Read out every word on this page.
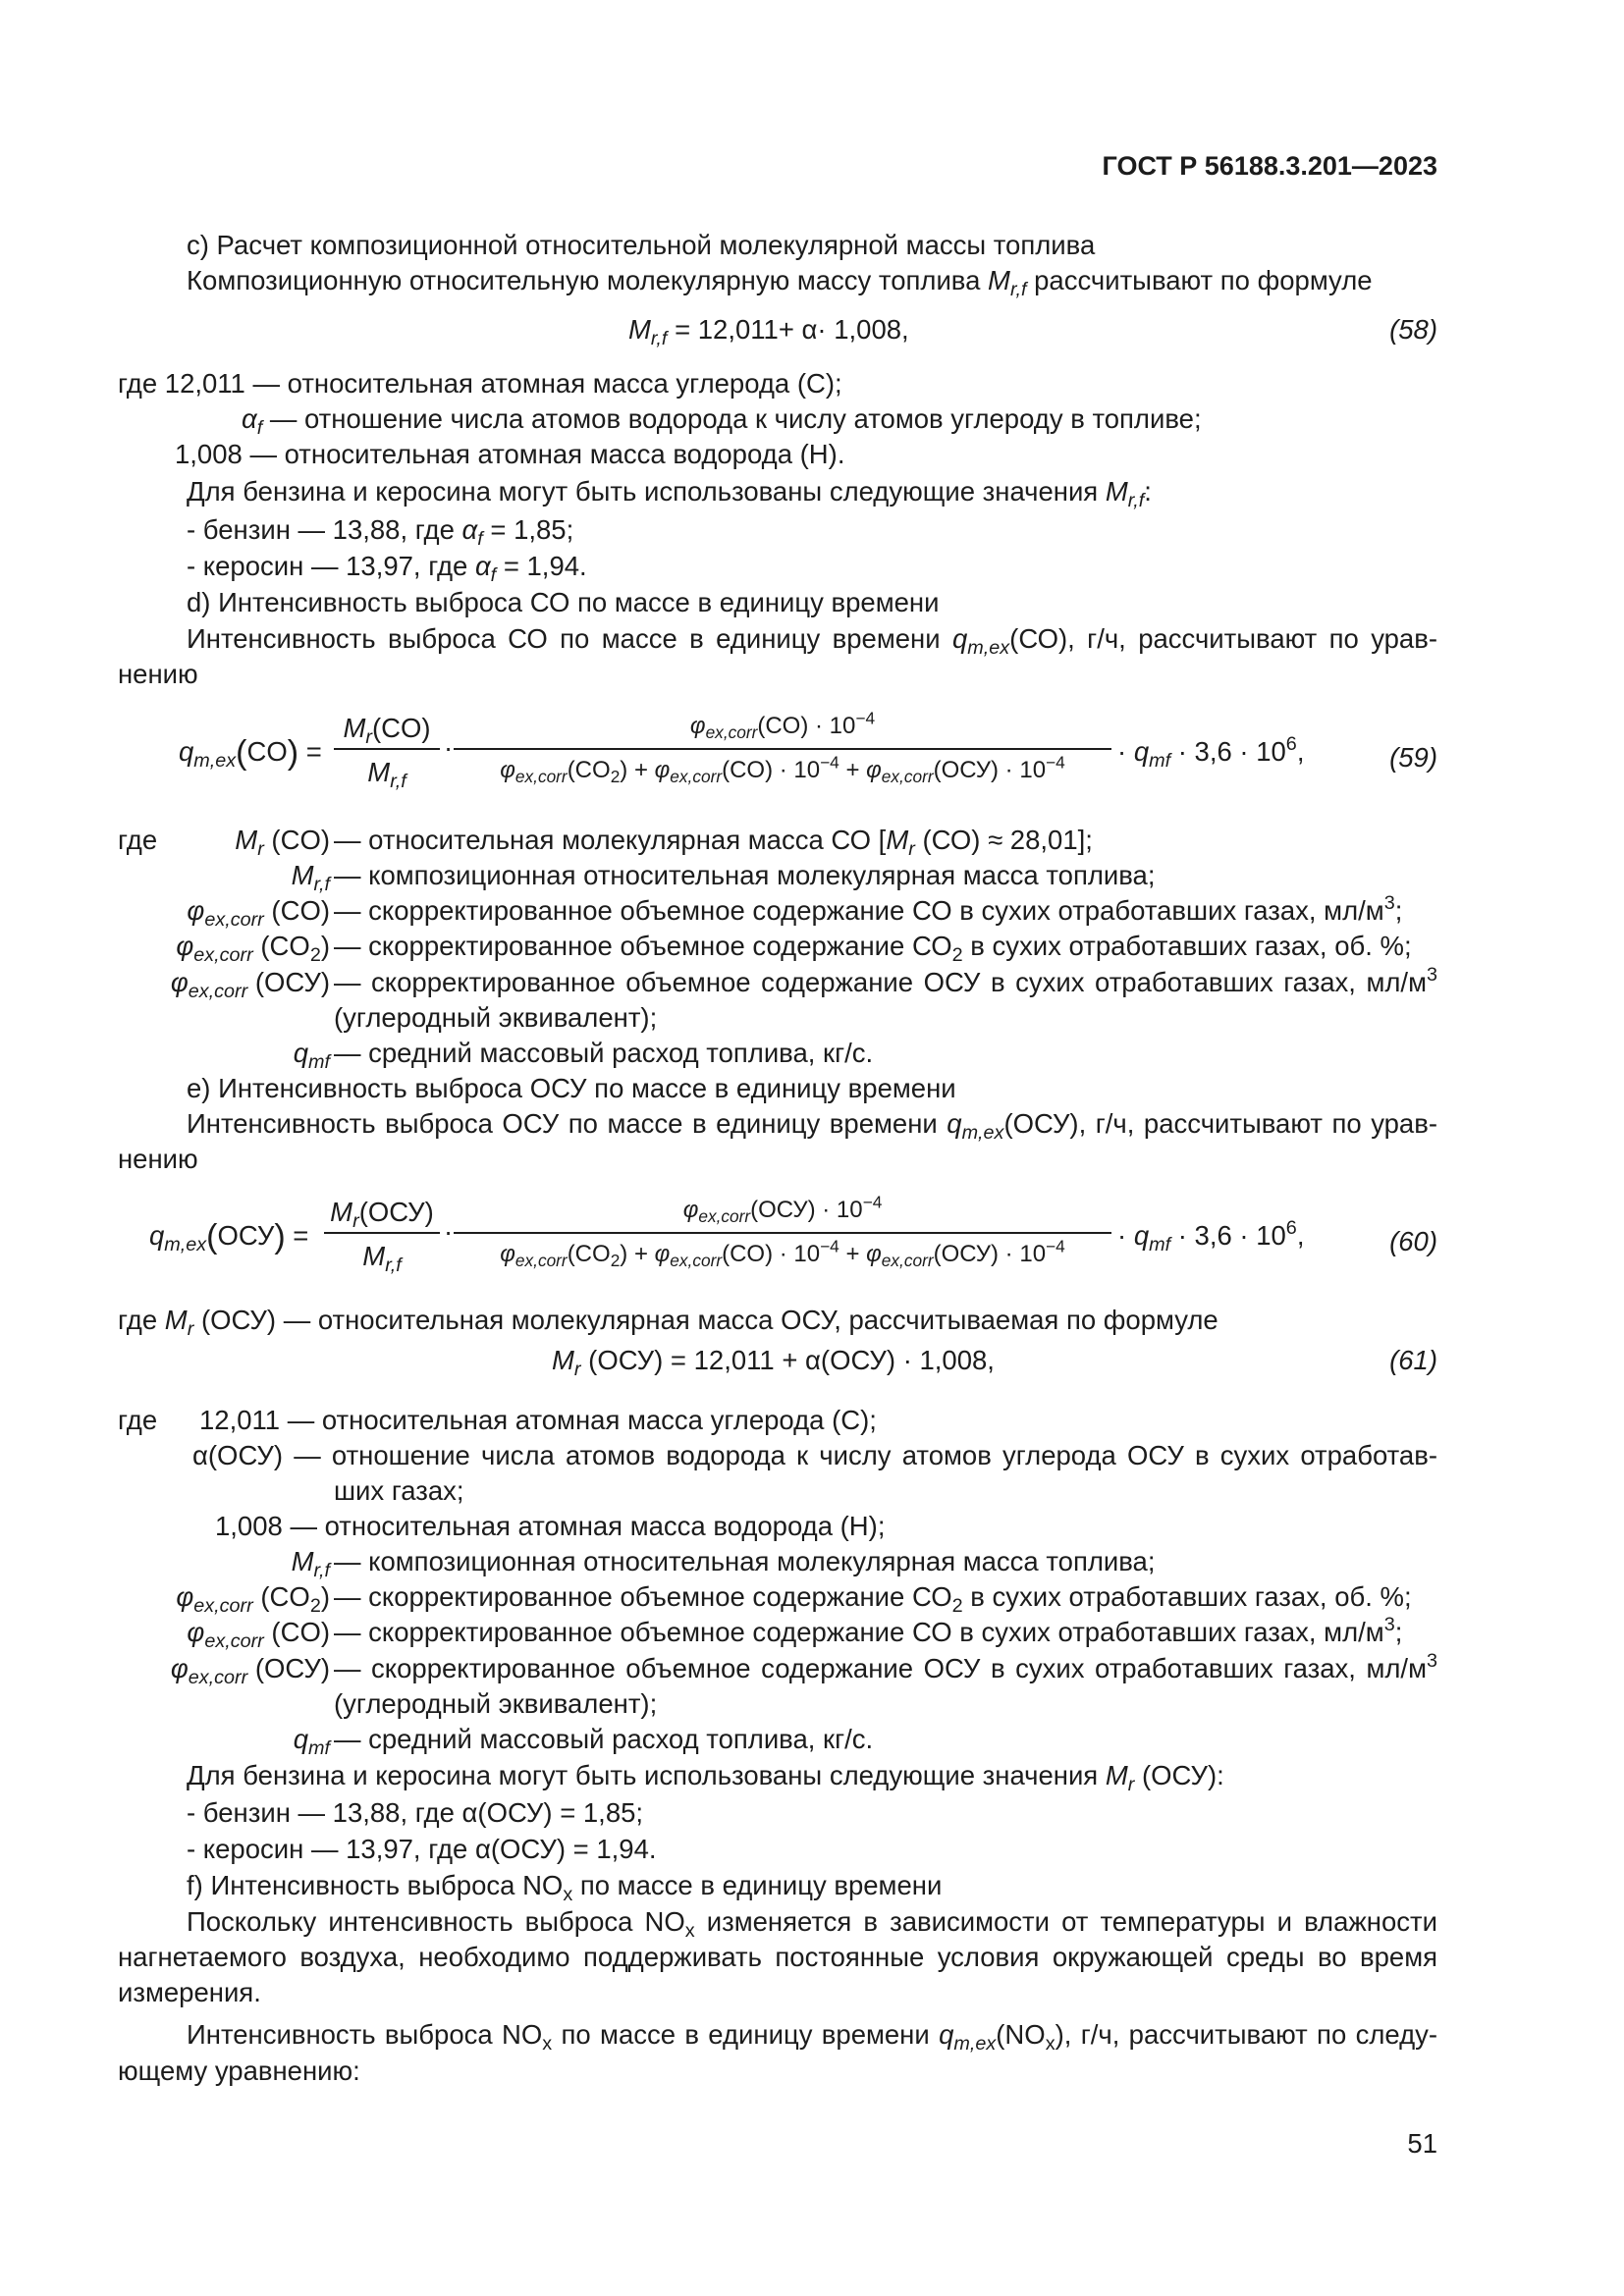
ГОСТ Р 56188.3.201—2023
c) Расчет композиционной относительной молекулярной массы топлива
Композиционную относительную молекулярную массу топлива $M_{r,f}$ рассчитывают по формуле
$M_{r,f} = 12,011+ \alpha\cdot 1,008$,	(58)
где 12,011 — относительная атомная масса углерода (С);
$\alpha_f$ — отношение числа атомов водорода к числу атомов углероду в топливе;
1,008 — относительная атомная масса водорода (Н).
Для бензина и керосина могут быть использованы следующие значения $M_{r,f}$:
- бензин — 13,88, где $\alpha_f = 1,85$;
- керосин — 13,97, где $\alpha_f = 1,94$.
d) Интенсивность выброса СО по массе в единицу времени
Интенсивность выброса СО по массе в единицу времени $q_{m,ex}(СО)$, г/ч, рассчитывают по урав-
нению
$q_{m,ex}(CO)$ =
$M_r(CO)$
$M_{r,f}$
·
$\varphi_{ex,corr}(CO) \cdot 10^{-4}$
$\varphi_{ex,corr}(CO_2) + \varphi_{ex,corr}(CO) \cdot 10^{-4} + \varphi_{ex,corr}(ОСУ) \cdot 10^{-4}$	· $q_{mf} \cdot 3,6 \cdot 10^6$,	(59)
где	$M_r$ (CO) — относительная молекулярная масса СО [$M_r$ (СО) ≈ 28,01];
$M_{r,f}$ — композиционная относительная молекулярная масса топлива;
$\varphi_{ex,corr}$ (CO) — скорректированное объемное содержание СО в сухих отработавших газах, $мл/м^3$;
$\varphi_{ex,corr}$ $(CO_2)$ — скорректированное объемное содержание $СО_2$ в сухих отработавших газах, об. %;
$\varphi_{ex,corr}$ (ОСУ) — скорректированное объемное содержание ОСУ в сухих отработавших газах, $мл/м^3$
(углеродный эквивалент);
$q_{mf}$ — средний массовый расход топлива, кг/с.
e) Интенсивность выброса ОСУ по массе в единицу времени
Интенсивность выброса ОСУ по массе в единицу времени $q_{m,ex}(ОСУ)$, г/ч, рассчитывают по урав-
нению
$q_{m,ex}(ОСУ)$ =
$M_r(ОСУ)$
$M_{r,f}$
·
$\varphi_{ex,corr}(ОСУ) \cdot 10^{-4}$
$\varphi_{ex,corr}(CO_2) + \varphi_{ex,corr}(CO) \cdot 10^{-4} + \varphi_{ex,corr}(ОСУ) \cdot 10^{-4}$	· $q_{mf} \cdot 3,6 \cdot 10^6$,	(60)
где $M_r$ (ОСУ) — относительная молекулярная масса ОСУ, рассчитываемая по формуле
$M_r$ (ОСУ) = 12,011 + α(ОСУ) · 1,008,	(61)
где 12,011 — относительная атомная масса углерода (С);
α(ОСУ) — отношение числа атомов водорода к числу атомов углерода ОСУ в сухих отработав-
ших газах;
1,008 — относительная атомная масса водорода (Н);
$M_{r,f}$ — композиционная относительная молекулярная масса топлива;
$\varphi_{ex,corr}$ $(CO_2)$ — скорректированное объемное содержание $СО_2$ в сухих отработавших газах, об. %;
$\varphi_{ex,corr}$ (CO) — скорректированное объемное содержание СО в сухих отработавших газах, $мл/м^3$;
$\varphi_{ex,corr}$ (ОСУ) — скорректированное объемное содержание ОСУ в сухих отработавших газах, $мл/м^3$
(углеродный эквивалент);
$q_{mf}$ — средний массовый расход топлива, кг/с.
Для бензина и керосина могут быть использованы следующие значения $M_r$ (ОСУ):
- бензин — 13,88, где α(ОСУ) = 1,85;
- керосин — 13,97, где α(ОСУ) = 1,94.
f) Интенсивность выброса $NO_x$ по массе в единицу времени
Поскольку интенсивность выброса $NO_x$ изменяется в зависимости от температуры и влажности
нагнетаемого воздуха, необходимо поддерживать постоянные условия окружающей среды во время
измерения.
Интенсивность выброса $NO_x$ по массе в единицу времени $q_{m,ex}(NO_x)$, г/ч, рассчитывают по следу-
ющему уравнению:
51
